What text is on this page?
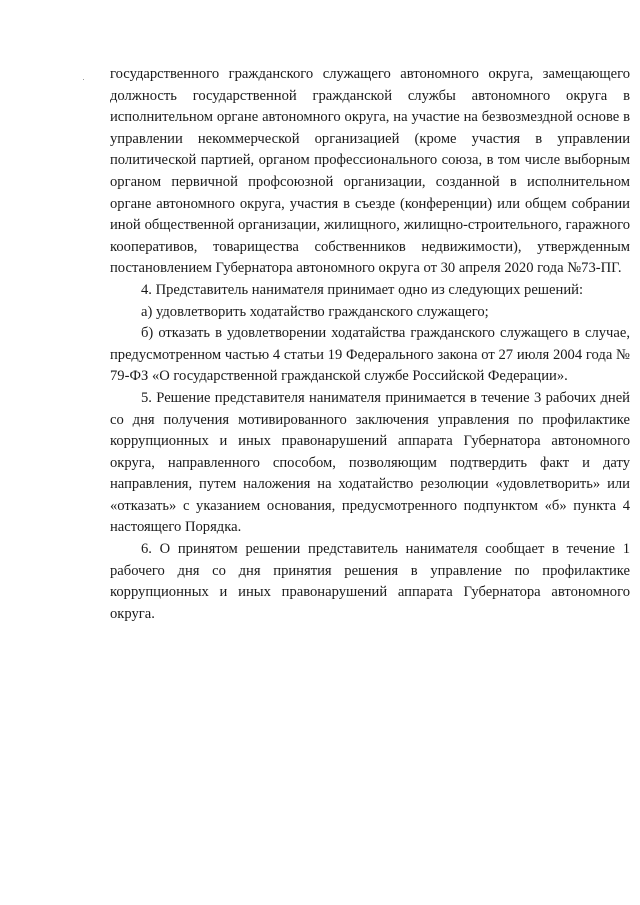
государственного гражданского служащего автономного округа, замещающего должность государственной гражданской службы автономного округа в исполнительном органе автономного округа, на участие на безвозмездной основе в управлении некоммерческой организацией (кроме участия в управлении политической партией, органом профессионального союза, в том числе выборным органом первичной профсоюзной организации, созданной в исполнительном органе автономного округа, участия в съезде (конференции) или общем собрании иной общественной организации, жилищного, жилищно-строительного, гаражного кооперативов, товарищества собственников недвижимости), утвержденным постановлением Губернатора автономного округа от 30 апреля 2020 года №73-ПГ.

4. Представитель нанимателя принимает одно из следующих решений:

а) удовлетворить ходатайство гражданского служащего;

б) отказать в удовлетворении ходатайства гражданского служащего в случае, предусмотренном частью 4 статьи 19 Федерального закона от 27 июля 2004 года № 79-ФЗ «О государственной гражданской службе Российской Федерации».

5. Решение представителя нанимателя принимается в течение 3 рабочих дней со дня получения мотивированного заключения управления по профилактике коррупционных и иных правонарушений аппарата Губернатора автономного округа, направленного способом, позволяющим подтвердить факт и дату направления, путем наложения на ходатайство резолюции «удовлетворить» или «отказать» с указанием основания, предусмотренного подпунктом «б» пункта 4 настоящего Порядка.

6. О принятом решении представитель нанимателя сообщает в течение 1 рабочего дня со дня принятия решения в управление по профилактике коррупционных и иных правонарушений аппарата Губернатора автономного округа.
